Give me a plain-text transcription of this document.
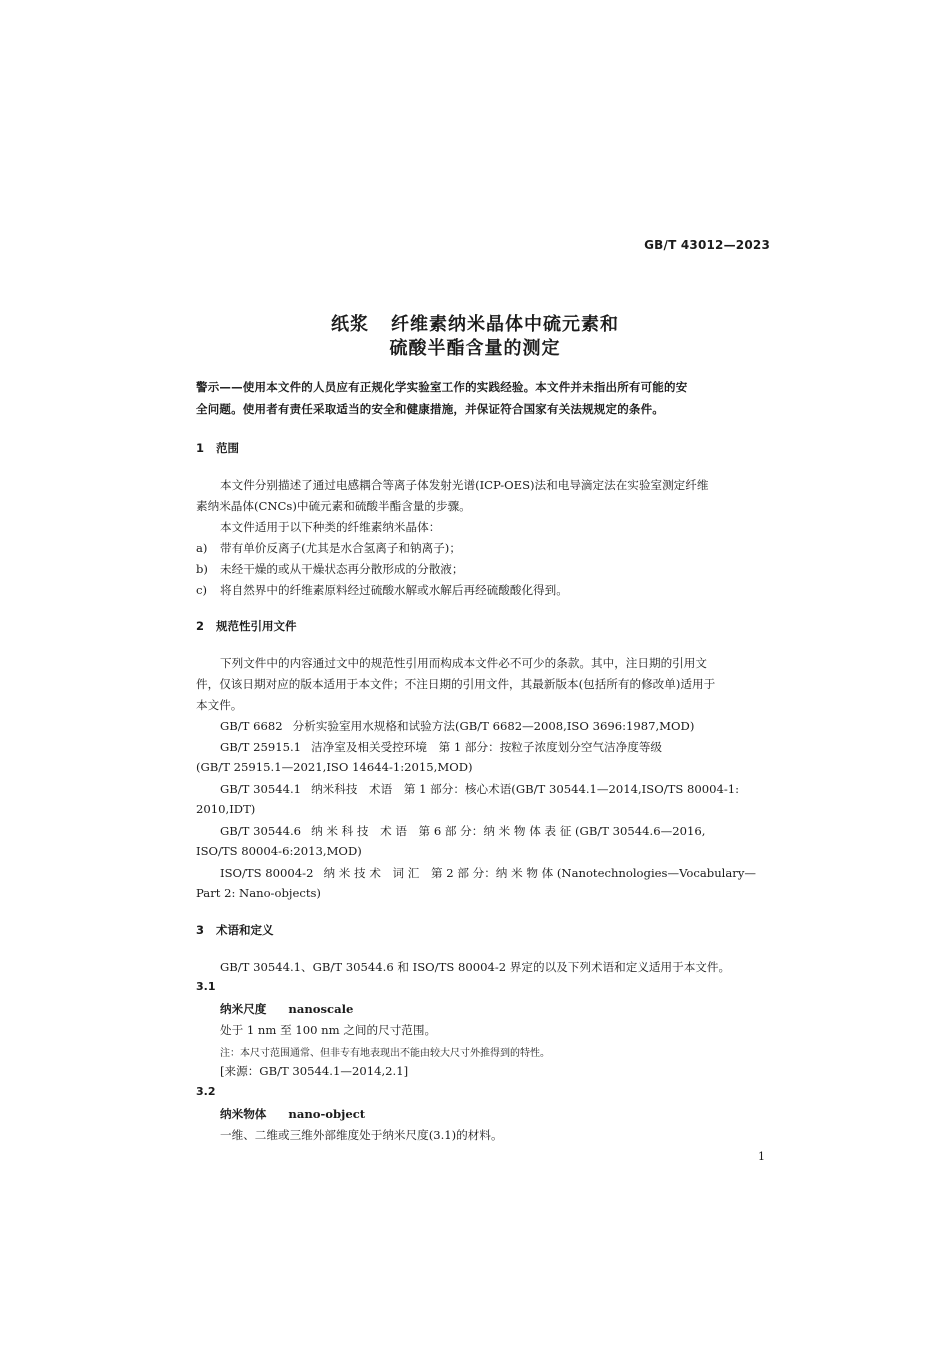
GB/T 43012—2023
纸浆 纤维素纳米晶体中硫元素和
硫酸半酯含量的测定
警示——使用本文件的人员应有正规化学实验室工作的实践经验。本文件并未指出所有可能的安
全问题。使用者有责任采取适当的安全和健康措施，并保证符合国家有关法规规定的条件。
1 范围
本文件分别描述了通过电感耦合等离子体发射光谱(ICP-OES)法和电导滴定法在实验室测定纤维
素纳米晶体(CNCs)中硫元素和硫酸半酯含量的步骤。
本文件适用于以下种类的纤维素纳米晶体：
a) 带有单价反离子(尤其是水合氢离子和钠离子)；
b) 未经干燥的或从干燥状态再分散形成的分散液；
c) 将自然界中的纤维素原料经过硫酸水解或水解后再经硫酸酸化得到。
2 规范性引用文件
下列文件中的内容通过文中的规范性引用而构成本文件必不可少的条款。其中，注日期的引用文
件，仅该日期对应的版本适用于本文件；不注日期的引用文件，其最新版本(包括所有的修改单)适用于
本文件。
GB/T 6682 分析实验室用水规格和试验方法(GB/T 6682—2008,ISO 3696:1987,MOD)
GB/T 25915.1 洁净室及相关受控环境　第 1 部分：按粒子浓度划分空气洁净度等级
(GB/T 25915.1—2021,ISO 14644-1:2015,MOD)
GB/T 30544.1 纳米科技　术语　第 1 部分：核心术语(GB/T 30544.1—2014,ISO/TS 80004-1:
2010,IDT)
GB/T 30544.6 纳 米 科 技　术 语　第 6 部 分：纳 米 物 体 表 征 (GB/T 30544.6—2016,
ISO/TS 80004-6:2013,MOD)
ISO/TS 80004-2 纳 米 技 术　词 汇　第 2 部 分：纳 米 物 体 (Nanotechnologies—Vocabulary—
Part 2: Nano-objects)
3 术语和定义
GB/T 30544.1、GB/T 30544.6 和 ISO/TS 80004-2 界定的以及下列术语和定义适用于本文件。
3.1
纳米尺度 nanoscale
处于 1 nm 至 100 nm 之间的尺寸范围。
注：本尺寸范围通常、但非专有地表现出不能由较大尺寸外推得到的特性。
[来源：GB/T 30544.1—2014,2.1]
3.2
纳米物体 nano-object
一维、二维或三维外部维度处于纳米尺度(3.1)的材料。
1
